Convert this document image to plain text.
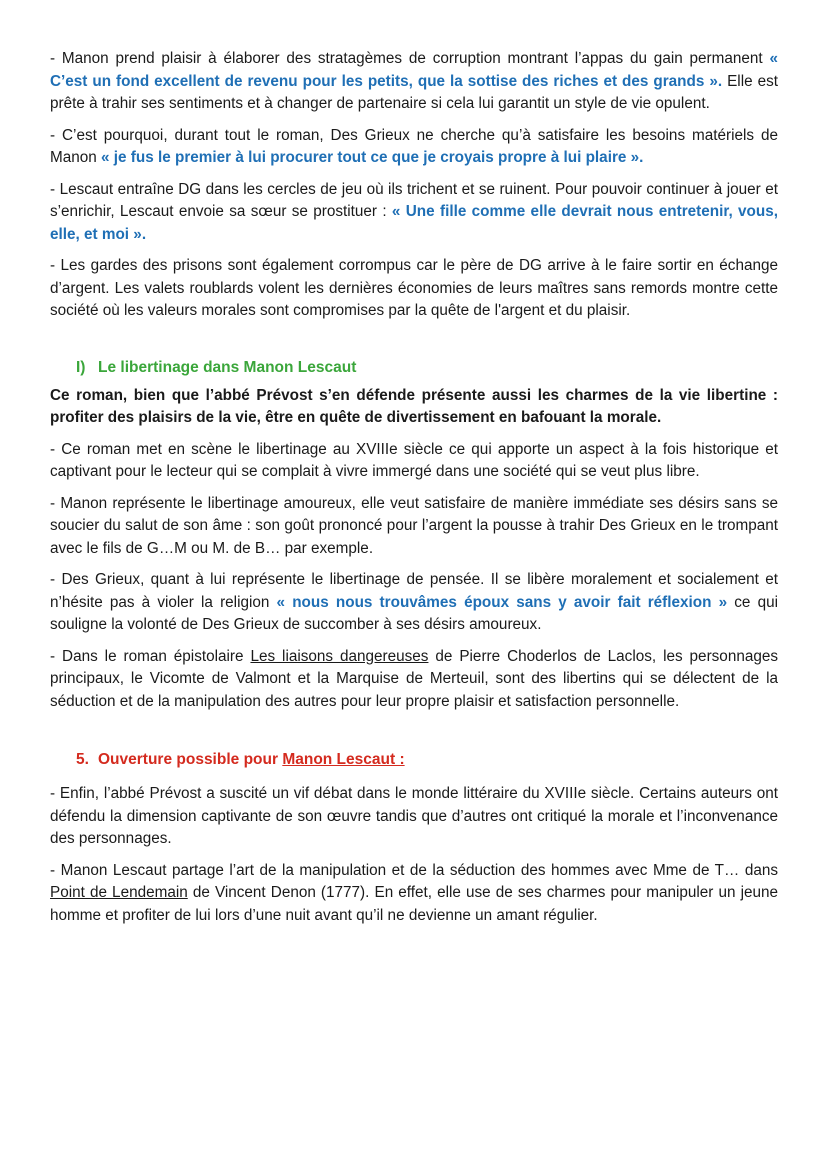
- Manon prend plaisir à élaborer des stratagèmes de corruption montrant l’appas du gain permanent « C’est un fond excellent de revenu pour les petits, que la sottise des riches et des grands ». Elle est prête à trahir ses sentiments et à changer de partenaire si cela lui garantit un style de vie opulent.

- C’est pourquoi, durant tout le roman, Des Grieux ne cherche qu’à satisfaire les besoins matériels de Manon « je fus le premier à lui procurer tout ce que je croyais propre à lui plaire ».

- Lescaut entraîne DG dans les cercles de jeu où ils trichent et se ruinent. Pour pouvoir continuer à jouer et s’enrichir, Lescaut envoie sa sœur se prostituer : « Une fille comme elle devrait nous entretenir, vous, elle, et moi ».

- Les gardes des prisons sont également corrompus car le père de DG arrive à le faire sortir en échange d’argent. Les valets roublards volent les dernières économies de leurs maîtres sans remords montre cette société où les valeurs morales sont compromises par la quête de l'argent et du plaisir.

I) Le libertinage dans Manon Lescaut

Ce roman, bien que l’abbé Prévost s’en défende présente aussi les charmes de la vie libertine : profiter des plaisirs de la vie, être en quête de divertissement en bafouant la morale.

- Ce roman met en scène le libertinage au XVIIIe siècle ce qui apporte un aspect à la fois historique et captivant pour le lecteur qui se complait à vivre immergé dans une société qui se veut plus libre.

- Manon représente le libertinage amoureux, elle veut satisfaire de manière immédiate ses désirs sans se soucier du salut de son âme : son goût prononcé pour l’argent la pousse à trahir Des Grieux en le trompant avec le fils de G…M ou M. de B… par exemple.

- Des Grieux, quant à lui représente le libertinage de pensée. Il se libère moralement et socialement et n’hésite pas à violer la religion « nous nous trouvâmes époux sans y avoir fait réflexion » ce qui souligne la volonté de Des Grieux de succomber à ses désirs amoureux.

- Dans le roman épistolaire Les liaisons dangereuses de Pierre Choderlos de Laclos, les personnages principaux, le Vicomte de Valmont et la Marquise de Merteuil, sont des libertins qui se délectent de la séduction et de la manipulation des autres pour leur propre plaisir et satisfaction personnelle.

5. Ouverture possible pour Manon Lescaut :

- Enfin, l’abbé Prévost a suscité un vif débat dans le monde littéraire du XVIIIe siècle. Certains auteurs ont défendu la dimension captivante de son œuvre tandis que d’autres ont critiqué la morale et l’inconvenance des personnages.

- Manon Lescaut partage l’art de la manipulation et de la séduction des hommes avec Mme de T… dans Point de Lendemain de Vincent Denon (1777). En effet, elle use de ses charmes pour manipuler un jeune homme et profiter de lui lors d’une nuit avant qu’il ne devienne un amant régulier.
